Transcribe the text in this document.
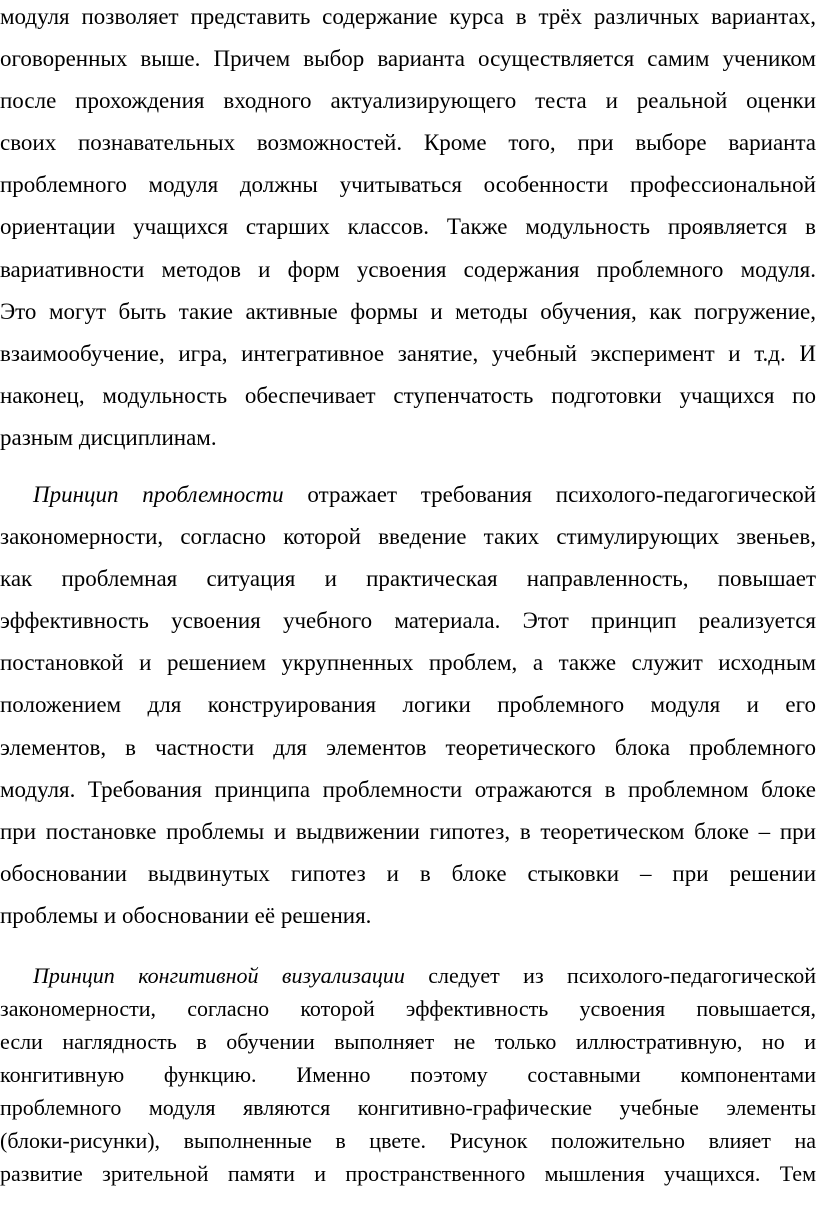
модуля позволяет представить содержание курса в трёх различных вариантах,
оговоренных выше. Причем выбор варианта осуществляется самим учеником
после прохождения входного актуализирующего теста и реальной оценки
своих познавательных возможностей. Кроме того, при выборе варианта
проблемного модуля должны учитываться особенности профессиональной
ориентации учащихся старших классов. Также модульность проявляется в
вариативности методов и форм усвоения содержания проблемного модуля.
Это могут быть такие активные формы и методы обучения, как погружение,
взаимообучение, игра, интегративное занятие, учебный эксперимент и т.д. И
наконец, модульность обеспечивает ступенчатость подготовки учащихся по
разным дисциплинам.
Принцип проблемности отражает требования психолого-педагогической
закономерности, согласно которой введение таких стимулирующих звеньев,
как проблемная ситуация и практическая направленность, повышает
эффективность усвоения учебного материала. Этот принцип реализуется
постановкой и решением укрупненных проблем, а также служит исходным
положением для конструирования логики проблемного модуля и его
элементов, в частности для элементов теоретического блока проблемного
модуля. Требования принципа проблемности отражаются в проблемном блоке
при постановке проблемы и выдвижении гипотез, в теоретическом блоке – при
обосновании выдвинутых гипотез и в блоке стыковки – при решении
проблемы и обосновании её решения.
Принцип конгитивной визуализации следует из психолого-педагогической
закономерности, согласно которой эффективность усвоения повышается,
если наглядность в обучении выполняет не только иллюстративную, но и
конгитивную функцию. Именно поэтому составными компонентами
проблемного модуля являются конгитивно-графические учебные элементы
(блоки-рисунки), выполненные в цвете. Рисунок положительно влияет на
развитие зрительной памяти и пространственного мышления учащихся. Тем
